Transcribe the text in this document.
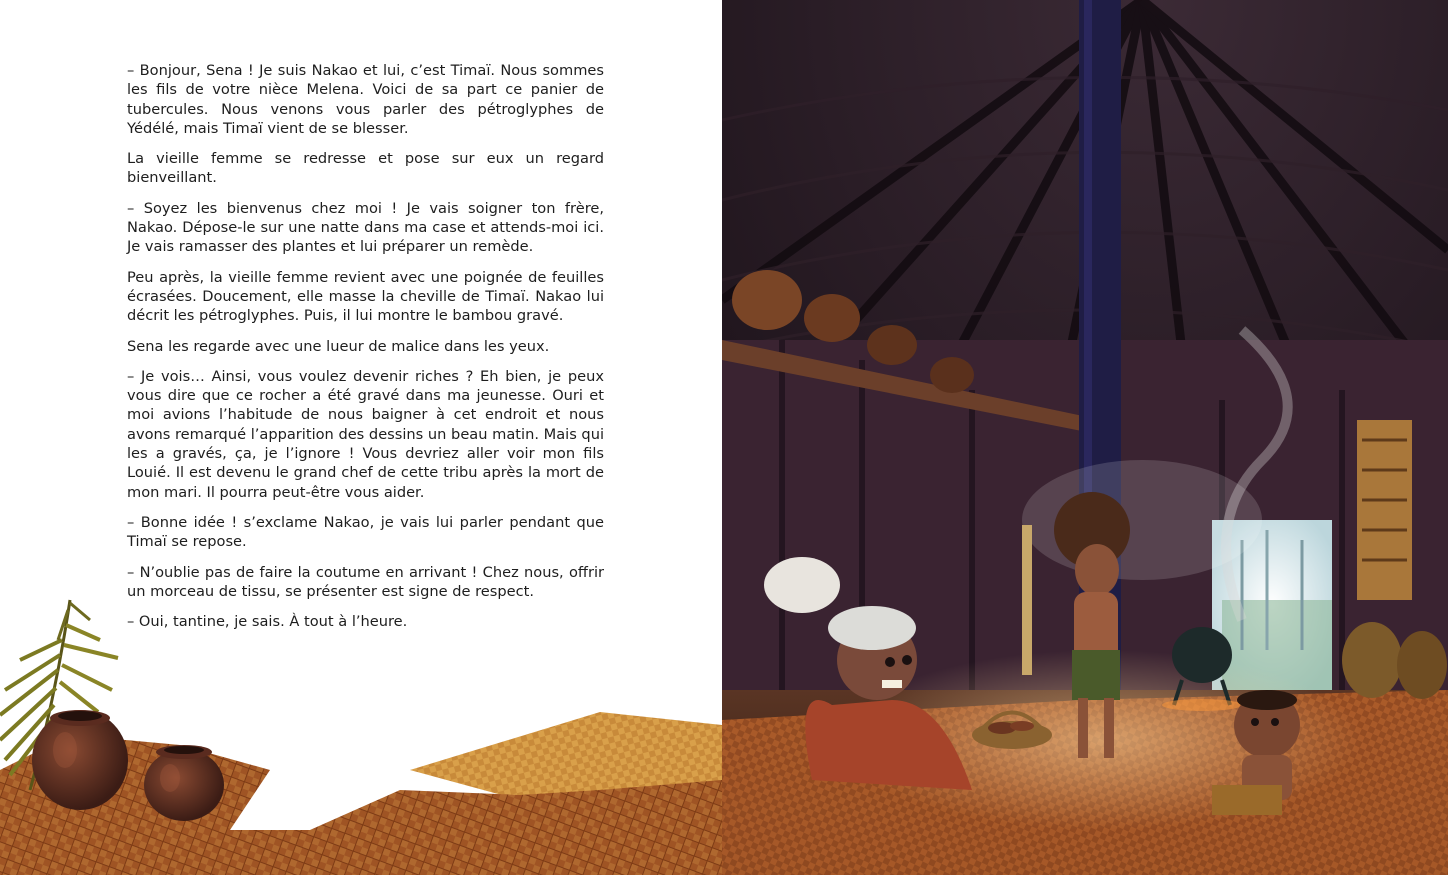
– Bonjour, Sena ! Je suis Nakao et lui, c’est Timaï. Nous sommes les fils de votre nièce Melena. Voici de sa part ce panier de tubercules. Nous venons vous parler des pétroglyphes de Yédélé, mais Timaï vient de se blesser.

La vieille femme se redresse et pose sur eux un regard bienveillant.

– Soyez les bienvenus chez moi ! Je vais soigner ton frère, Nakao. Dépose-le sur une natte dans ma case et attends-moi ici. Je vais ramasser des plantes et lui préparer un remède.

Peu après, la vieille femme revient avec une poignée de feuilles écrasées. Doucement, elle masse la cheville de Timaï. Nakao lui décrit les pétroglyphes. Puis, il lui montre le bambou gravé.

Sena les regarde avec une lueur de malice dans les yeux.

– Je vois… Ainsi, vous voulez devenir riches ? Eh bien, je peux vous dire que ce rocher a été gravé dans ma jeunesse. Ouri et moi avions l’habitude de nous baigner à cet endroit et nous avons remarqué l’apparition des dessins un beau matin. Mais qui les a gravés, ça, je l’ignore ! Vous devriez aller voir mon fils Louié. Il est devenu le grand chef de cette tribu après la mort de mon mari. Il pourra peut-être vous aider.

– Bonne idée ! s’exclame Nakao, je vais lui parler pendant que Timaï se repose.

– N’oublie pas de faire la coutume en arrivant ! Chez nous, offrir un morceau de tissu, se présenter est signe de respect.

– Oui, tantine, je sais. À tout à l’heure.
